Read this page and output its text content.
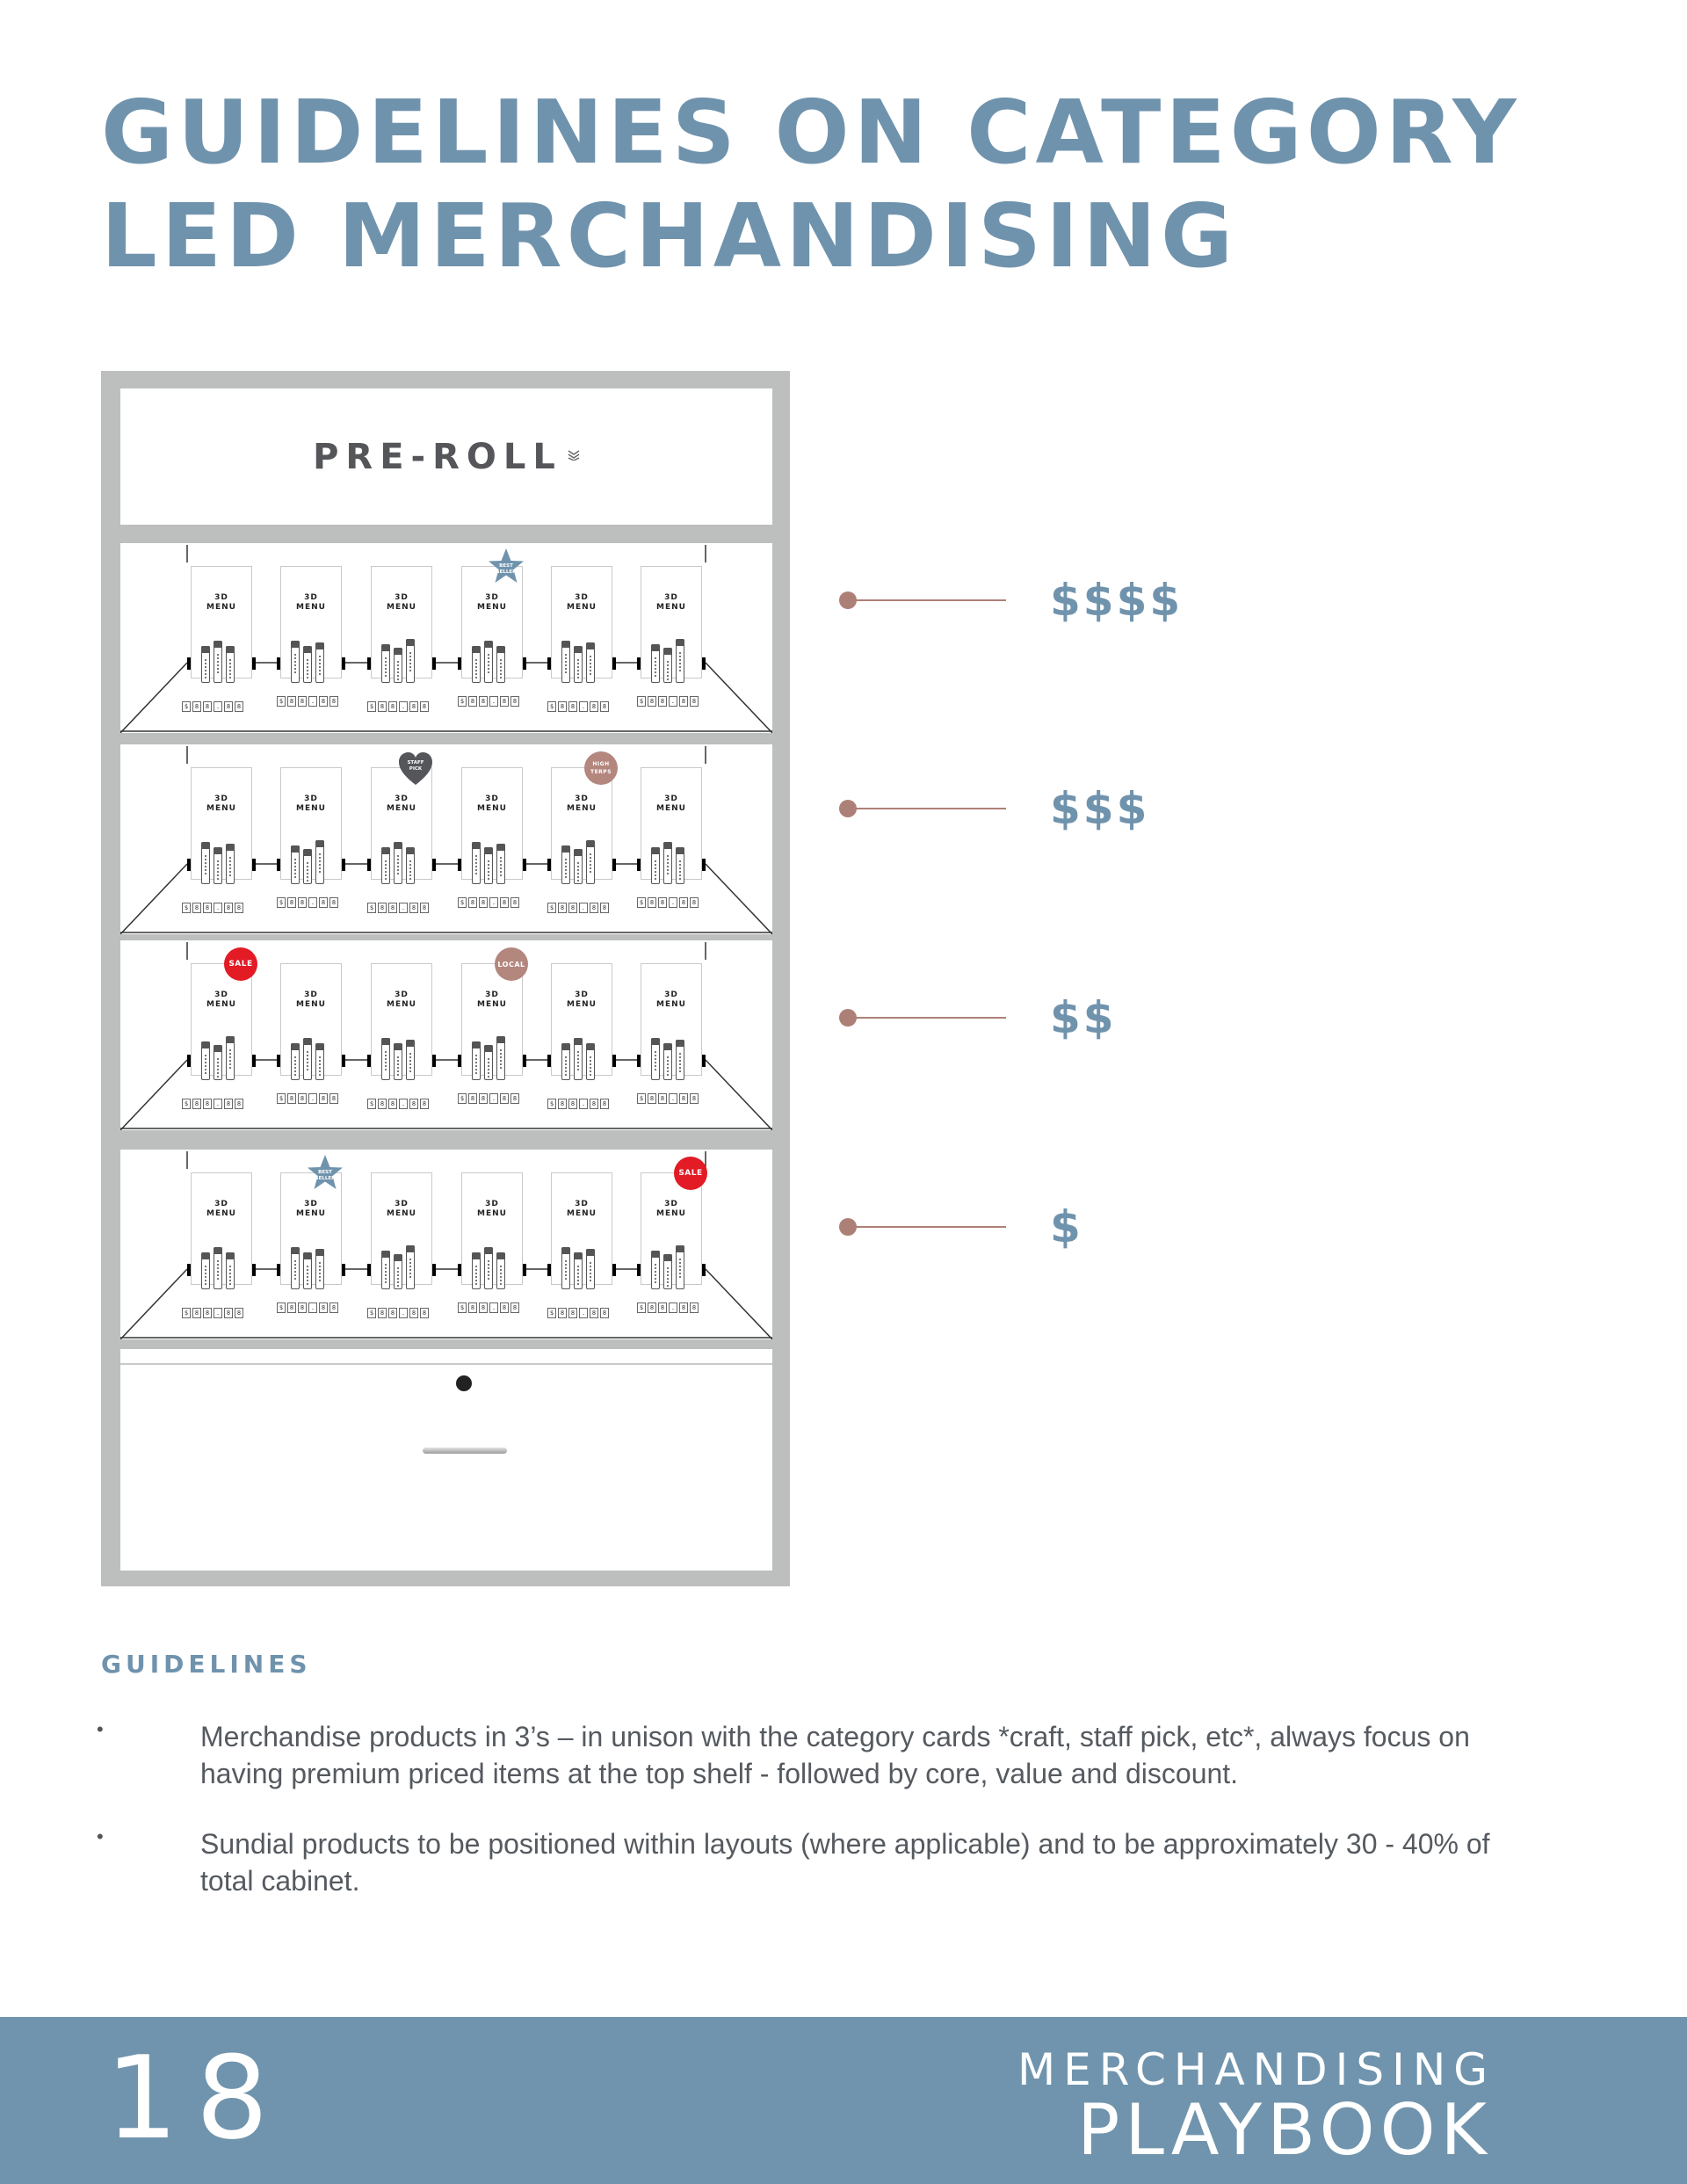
GUIDELINES ON CATEGORY
LED MERCHANDISING
PRE-ROLL
3D
MENU
$	8	8	.	8	8
3D
MENU
$	8	8	.	8	8
3D
MENU
$	8	8	.	8	8
3D
MENU
$	8	8	.	8	8
BEST
SELLER
3D
MENU
$	8	8	.	8	8
3D
MENU
$	8	8	.	8	8
3D
MENU
$	8	8	.	8	8
3D
MENU
$	8	8	.	8	8
3D
MENU
$	8	8	.	8	8
STAFF
PICK
3D
MENU
$	8	8	.	8	8
3D
MENU
$	8	8	.	8	8
HIGH TERPS
3D
MENU
$	8	8	.	8	8
3D
MENU
$	8	8	.	8	8
SALE
3D
MENU
$	8	8	.	8	8
3D
MENU
$	8	8	.	8	8
3D
MENU
$	8	8	.	8	8
LOCAL
3D
MENU
$	8	8	.	8	8
3D
MENU
$	8	8	.	8	8
3D
MENU
$	8	8	.	8	8
3D
MENU
$	8	8	.	8	8
BEST
SELLER
3D
MENU
$	8	8	.	8	8
3D
MENU
$	8	8	.	8	8
3D
MENU
$	8	8	.	8	8
3D
MENU
$	8	8	.	8	8
SALE
$$$$
$$$
$$
$
GUIDELINES
•	Merchandise products in 3’s – in unison with the category cards *craft, staff pick, etc*, always focus on having premium priced items at the top shelf - followed by core, value and discount.
•	Sundial products to be positioned within layouts (where applicable) and to be approximately 30 - 40% of total cabinet.
18	MERCHANDISING
PLAYBOOK
